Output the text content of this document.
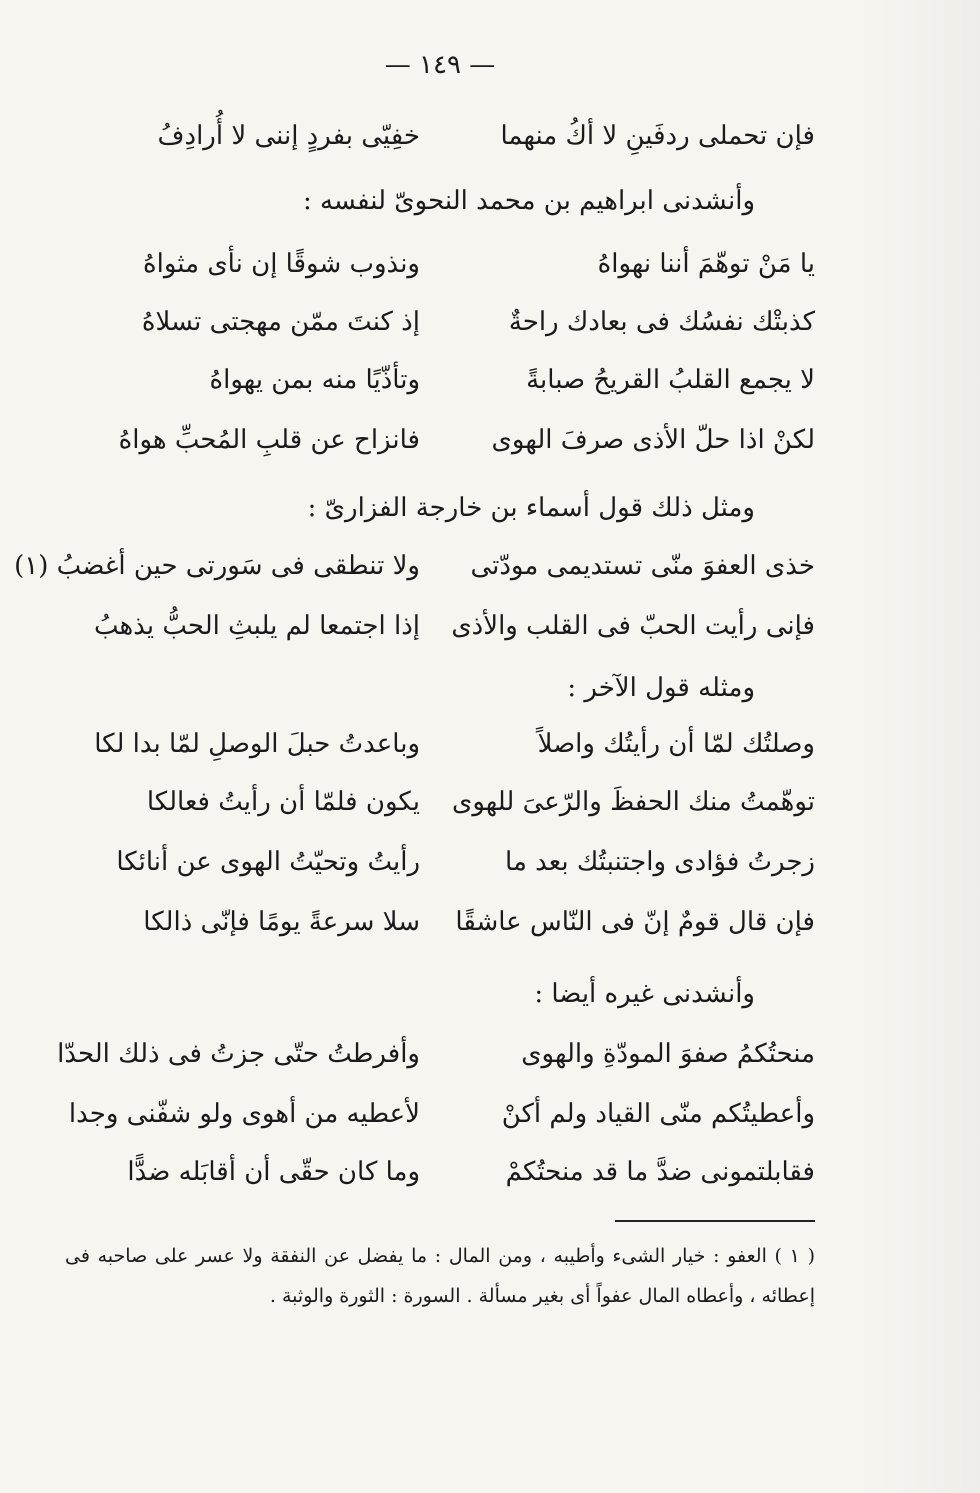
— ١٤٩ —
فإن تحملی ردفَينِ لا أكُ منهما
خفِيّی بفردٍ إننی لا أُرادِفُ
وأنشدنی ابراهيم بن محمد النحویّ لنفسه :
يا مَنْ توهّمَ أننا نهواهُ
ونذوب شوقًا إن نأی مثواهُ
كذبتْك نفسُك فی بعادك راحةٌ
إذ كنتَ ممّن مهجتی تسلاهُ
لا يجمع القلبُ القريحُ صبابةً
وتأذّيًا منه بمن يهواهُ
لكنْ اذا حلّ الأذی صرفَ الهوی
فانزاح عن قلبِ المُحبِّ هواهُ
ومثل ذلك قول أسماء بن خارجة الفزاریّ :
خذی العفوَ منّی تستديمی مودّتی
ولا تنطقی فی سَورتی حين أغضبُ (١)
فإنی رأيت الحبّ فی القلب والأذی
إذا اجتمعا لم يلبثِ الحبُّ يذهبُ
ومثله قول الآخر :
وصلتُك لمّا أن رأيتُك واصلاً
وباعدتُ حبلَ الوصلِ لمّا بدا لكا
توهّمتُ منك الحفظَ والرّعیَ للهوی
يكون فلمّا أن رأيتُ فعالكا
زجرتُ فؤادی واجتنبتُك بعد ما
رأيتُ وتحيّتُ الهوی عن أنائكا
فإن قال قومٌ إنّ فی النّاس عاشقًا
سلا سرعةً يومًا فإنّی ذالكا
وأنشدنی غيره أيضا :
منحتُكمُ صفوَ المودّةِ والهوی
وأفرطتُ حتّی جزتُ فی ذلك الحدّا
وأعطيتُكم منّی القياد ولم أكنْ
لأعطيه من أهوی ولو شفّنی وجدا
فقابلتمونی ضدَّ ما قد منحتُكمْ
وما كان حقّی أن أقابَله ضدًّا
( ١ ) العفو : خيار الشیء وأطيبه ، ومن المال : ما يفضل عن النفقة ولا عسر علی صاحبه فی إعطائه ، وأعطاه المال عفواً أی بغير مسألة . السورة : الثورة والوثبة .
